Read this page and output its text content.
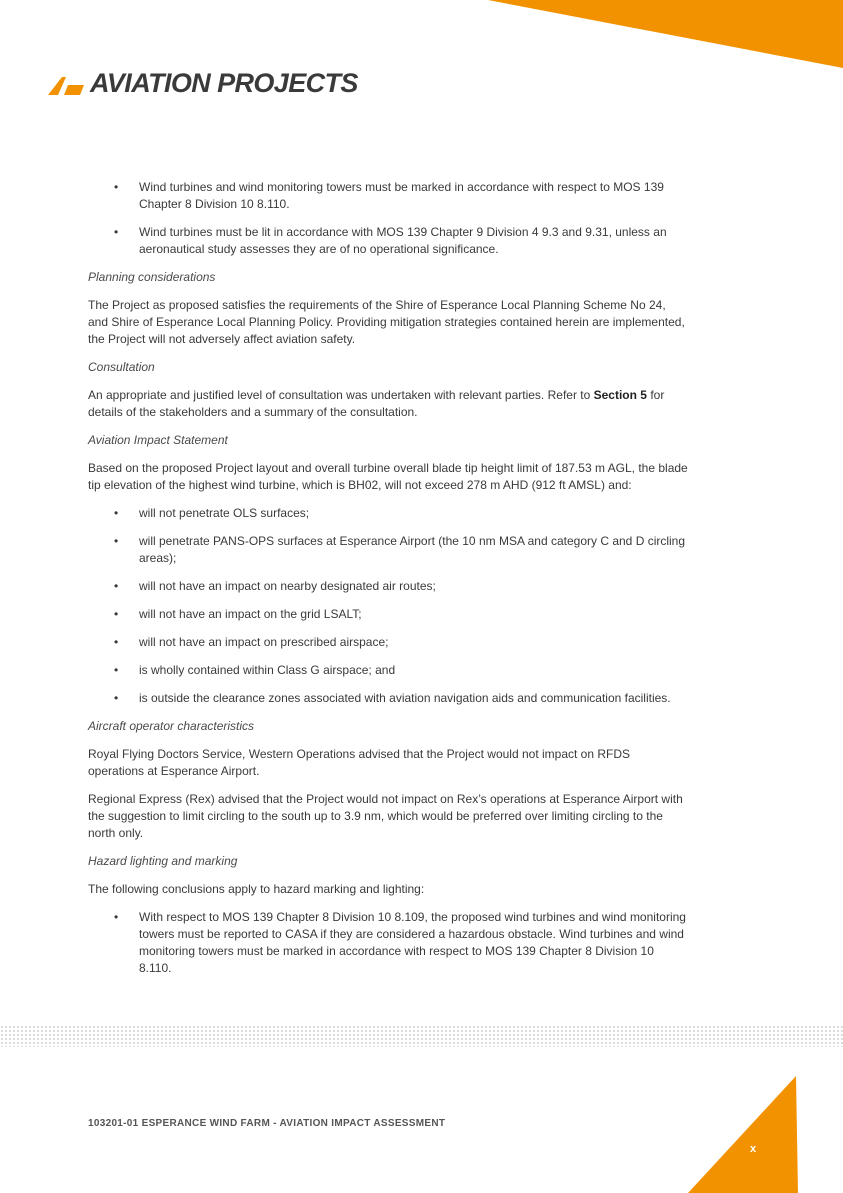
AVIATION PROJECTS
• Wind turbines and wind monitoring towers must be marked in accordance with respect to MOS 139 Chapter 8 Division 10 8.110.
• Wind turbines must be lit in accordance with MOS 139 Chapter 9 Division 4 9.3 and 9.31, unless an aeronautical study assesses they are of no operational significance.
Planning considerations

The Project as proposed satisfies the requirements of the Shire of Esperance Local Planning Scheme No 24, and Shire of Esperance Local Planning Policy. Providing mitigation strategies contained herein are implemented, the Project will not adversely affect aviation safety.

Consultation

An appropriate and justified level of consultation was undertaken with relevant parties. Refer to Section 5 for details of the stakeholders and a summary of the consultation.

Aviation Impact Statement

Based on the proposed Project layout and overall turbine overall blade tip height limit of 187.53 m AGL, the blade tip elevation of the highest wind turbine, which is BH02, will not exceed 278 m AHD (912 ft AMSL) and:

• will not penetrate OLS surfaces;
• will penetrate PANS-OPS surfaces at Esperance Airport (the 10 nm MSA and category C and D circling areas);
• will not have an impact on nearby designated air routes;
• will not have an impact on the grid LSALT;
• will not have an impact on prescribed airspace;
• is wholly contained within Class G airspace; and
• is outside the clearance zones associated with aviation navigation aids and communication facilities.
Aircraft operator characteristics

Royal Flying Doctors Service, Western Operations advised that the Project would not impact on RFDS operations at Esperance Airport.

Regional Express (Rex) advised that the Project would not impact on Rex’s operations at Esperance Airport with the suggestion to limit circling to the south up to 3.9 nm, which would be preferred over limiting circling to the north only.

Hazard lighting and marking

The following conclusions apply to hazard marking and lighting:

• With respect to MOS 139 Chapter 8 Division 10 8.109, the proposed wind turbines and wind monitoring towers must be reported to CASA if they are considered a hazardous obstacle. Wind turbines and wind monitoring towers must be marked in accordance with respect to MOS 139 Chapter 8 Division 10 8.110.
103201-01 ESPERANCE WIND FARM - AVIATION IMPACT ASSESSMENT
x
